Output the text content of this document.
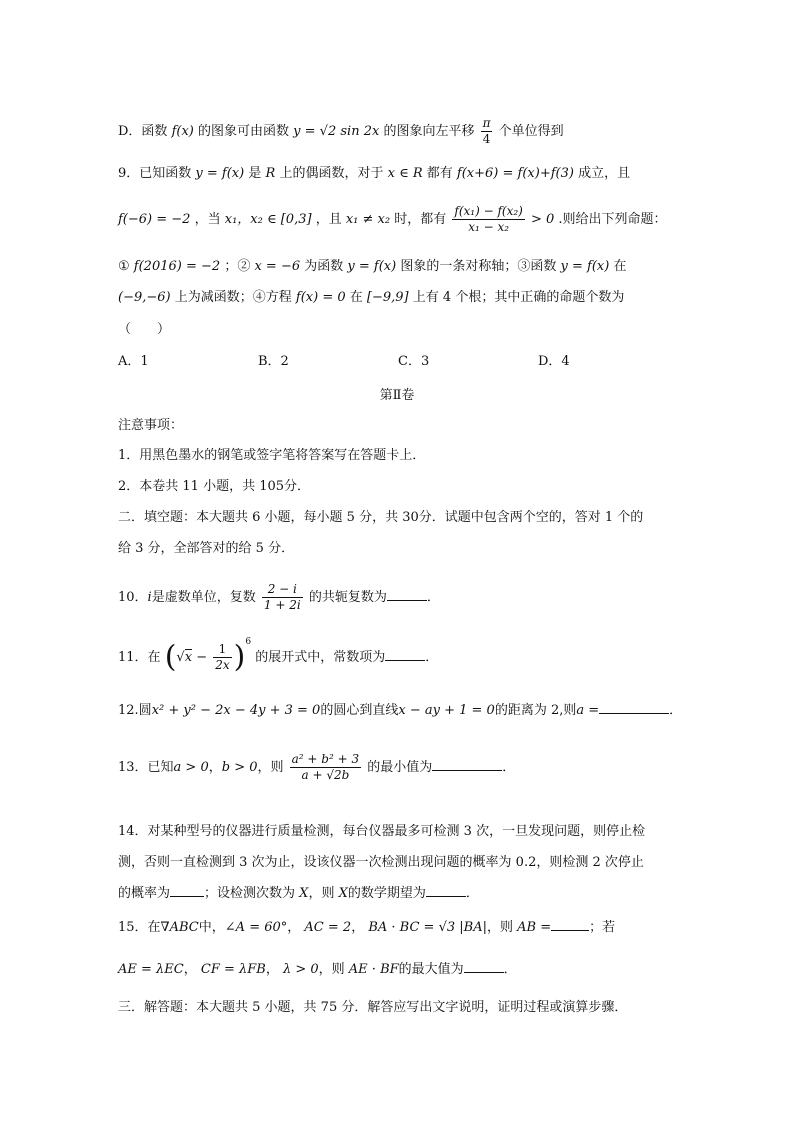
D．函数 f(x) 的图象可由函数 y = √2 sin 2x 的图象向左平移 $\frac{\pi}{4}$ 个单位得到
9．已知函数 y = f(x) 是 R 上的偶函数，对于 x ∈ R 都有 f(x+6) = f(x)+f(3) 成立，且
f(−6) = −2 ，当 x₁，x₂ ∈ [0,3] ，且 x₁ ≠ x₂ 时，都有 $\frac{\text{f(x₁) − f(x₂)}}{\text{x₁ − x₂}} > 0$ .则给出下列命题：
① f(2016) = −2 ；② x = −6 为函数 y = f(x) 图象的一条对称轴；③函数 y = f(x) 在
(−9,−6) 上为减函数；④方程 f(x) = 0 在 [−9,9] 上有 4 个根；其中正确的命题个数为
（　　）
A．1	B．2	C．3	D．4
第Ⅱ卷
注意事项：
1．用黑色墨水的钢笔或签字笔将答案写在答题卡上．
2．本卷共 11 小题，共 105分．
二．填空题：本大题共 6 小题，每小题 5 分，共 30分．试题中包含两个空的，答对 1 个的
给 3 分，全部答对的给 5 分．
10．i是虚数单位，复数 $\frac{2 - i}{1 + 2i}$ 的共轭复数为	．
11．在 $(√x - \frac{1}{2x} )^6$ 的展开式中，常数项为	．
12.圆x² + y² − 2x − 4y + 3 = 0的圆心到直线x − ay + 1 = 0的距离为 2,则a =	．
13．已知a > 0，b > 0，则 $\frac{\text{a² + b² + 3}}{a + √2b}$ 的最小值为	．
14．对某种型号的仪器进行质量检测，每台仪器最多可检测 3 次，一旦发现问题，则停止检
测，否则一直检测到 3 次为止，设该仪器一次检测出现问题的概率为 0.2，则检测 2 次停止
的概率为	；设检测次数为 X，则 X的数学期望为	．
15．在∇ABC中，∠A = 60°， AC = 2， BA · BC = √3 |BA|，则 AB =	；若
AE = λEC， CF = λFB， λ > 0，则 AE · BF的最大值为	．
三．解答题：本大题共 5 小题，共 75 分．解答应写出文字说明，证明过程或演算步骤．
